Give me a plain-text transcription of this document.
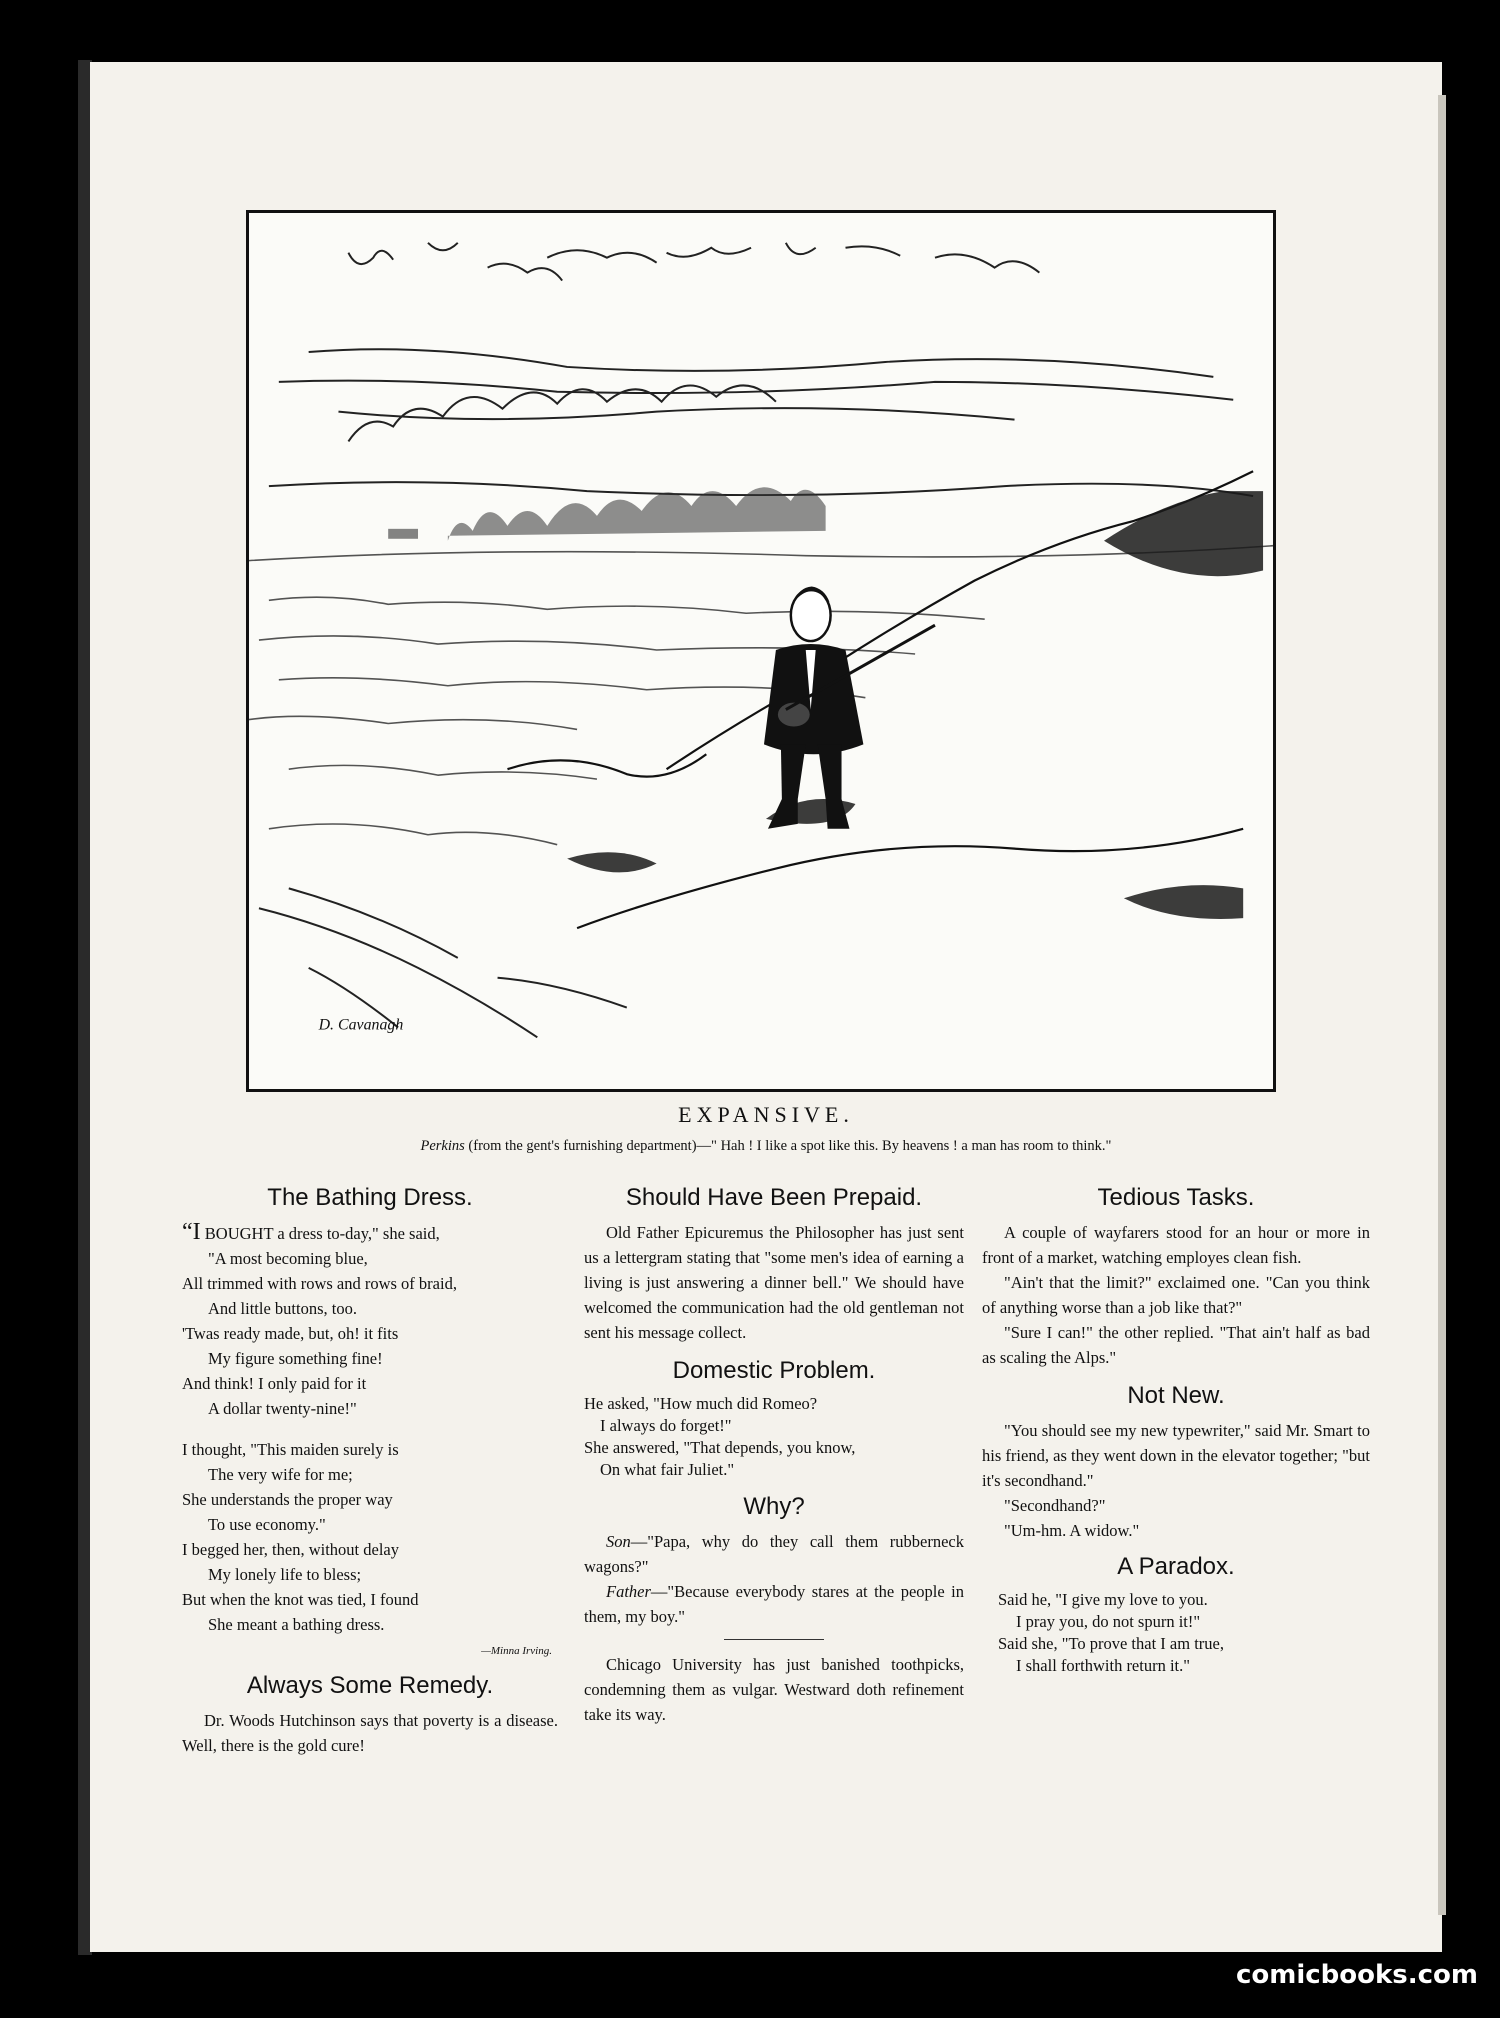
D. Cavanagh
EXPANSIVE.
Perkins (from the gent's furnishing department)—" Hah ! I like a spot like this. By heavens ! a man has room to think."
The Bathing Dress.
“I BOUGHT a dress to-day," she said,
"A most becoming blue,
All trimmed with rows and rows of braid,
And little buttons, too.
'Twas ready made, but, oh! it fits
My figure something fine!
And think! I only paid for it
A dollar twenty-nine!"
I thought, "This maiden surely is
The very wife for me;
She understands the proper way
To use economy."
I begged her, then, without delay
My lonely life to bless;
But when the knot was tied, I found
She meant a bathing dress.
—Minna Irving.
Always Some Remedy.

Dr. Woods Hutchinson says that poverty is a disease. Well, there is the gold cure!

Should Have Been Prepaid.

Old Father Epicuremus the Philosopher has just sent us a lettergram stating that "some men's idea of earning a living is just answering a dinner bell." We should have welcomed the communication had the old gentleman not sent his message collect.

Domestic Problem.
He asked, "How much did Romeo?
I always do forget!"
She answered, "That depends, you know,
On what fair Juliet."
Why?

Son—"Papa, why do they call them rubberneck wagons?"

Father—"Because everybody stares at the people in them, my boy."

Chicago University has just banished toothpicks, condemning them as vulgar. Westward doth refinement take its way.

Tedious Tasks.

A couple of wayfarers stood for an hour or more in front of a market, watching employes clean fish.

"Ain't that the limit?" exclaimed one. "Can you think of anything worse than a job like that?"

"Sure I can!" the other replied. "That ain't half as bad as scaling the Alps."

Not New.

"You should see my new typewriter," said Mr. Smart to his friend, as they went down in the elevator together; "but it's secondhand."

"Secondhand?"

"Um-hm. A widow."

A Paradox.
Said he, "I give my love to you.
I pray you, do not spurn it!"
Said she, "To prove that I am true,
I shall forthwith return it."
comicbooks.com
